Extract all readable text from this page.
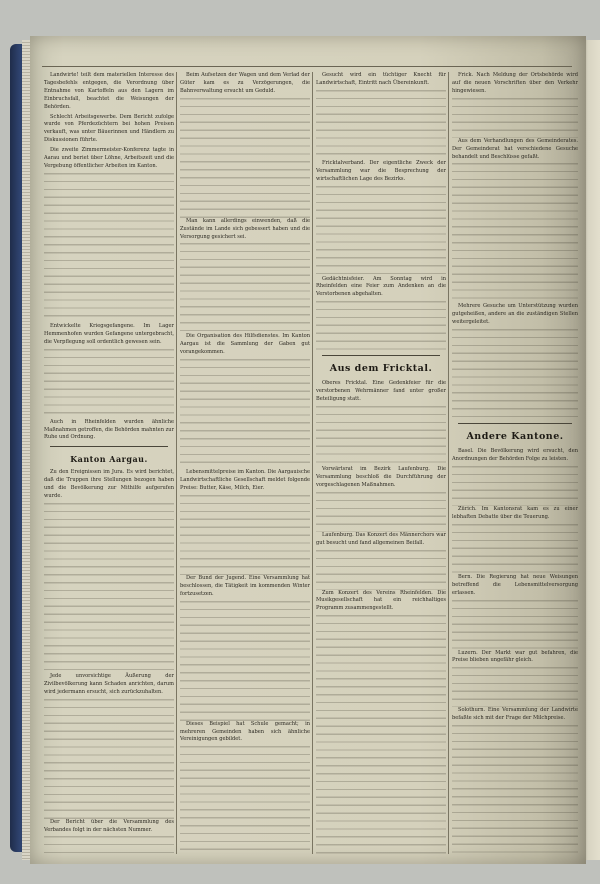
Landwirte! teilt dem materiellen Interesse des Tagesbefehls entgegen, die Verordnung über Entnahme von Kartoffeln aus den Lagern im Einbruchsfall, beachtet die Weisungen der Behörden.

Schlecht Arbeitsgewerbe. Dem Bericht zufolge wurde von Pferdezüchtern bei hohen Preisen verkauft, was unter Bäuerinnen und Händlern zu Diskussionen führte.

Die zweite Zimmermeister-Konferenz tagte in Aarau und beriet über Löhne, Arbeitszeit und die Vergebung öffentlicher Arbeiten im Kanton.

Entwickelte Kriegsgefangene. Im Lager Hemmenhofen wurden Gefangene untergebracht, die Verpflegung soll ordentlich gewesen sein.

Auch in Rheinfelden wurden ähnliche Maßnahmen getroffen, die Behörden mahnten zur Ruhe und Ordnung.

Kanton Aargau.

Zu den Ereignissen im Jura. Es wird berichtet, daß die Truppen ihre Stellungen bezogen haben und die Bevölkerung zur Mithilfe aufgerufen wurde.

Jede unvorsichtige Äußerung der Zivilbevölkerung kann Schaden anrichten, darum wird jedermann ersucht, sich zurückzuhalten.

Der Bericht über die Versammlung des Verbandes folgt in der nächsten Nummer.

Beim Aufsetzen der Wagen und dem Verlad der Güter kam es zu Verzögerungen, die Bahnverwaltung ersucht um Geduld.

Man kann allerdings einwenden, daß die Zustände im Lande sich gebessert haben und die Versorgung gesichert sei.

Die Organisation des Hilfsdienstes. Im Kanton Aargau ist die Sammlung der Gaben gut vorangekommen.

Lebensmittelpreise im Kanton. Die Aargauische Landwirtschaftliche Gesellschaft meldet folgende Preise: Butter, Käse, Milch, Eier.

Der Bund der Jugend. Eine Versammlung hat beschlossen, die Tätigkeit im kommenden Winter fortzusetzen.

Dieses Beispiel hat Schule gemacht; in mehreren Gemeinden haben sich ähnliche Vereinigungen gebildet.

Gesucht wird ein tüchtiger Knecht für Landwirtschaft, Eintritt nach Übereinkunft.

Fricktalverband. Der eigentliche Zweck der Versammlung war die Besprechung der wirtschaftlichen Lage des Bezirks.

Gedächtnisfeier. Am Sonntag wird in Rheinfelden eine Feier zum Andenken an die Verstorbenen abgehalten.

Aus dem Fricktal.

Oberes Fricktal. Eine Gedenkfeier für die verstorbenen Wehrmänner fand unter großer Beteiligung statt.

Vorwärtsrat im Bezirk Laufenburg. Die Versammlung beschloß die Durchführung der vorgeschlagenen Maßnahmen.

Laufenburg. Das Konzert des Männerchors war gut besucht und fand allgemeinen Beifall.

Zum Konzert des Vereins Rheinfelden. Die Musikgesellschaft hat ein reichhaltiges Programm zusammengestellt.

Frick. Nach Meldung der Ortsbehörde wird auf die neuen Vorschriften über den Verkehr hingewiesen.

Aus dem Verhandlungen des Gemeinderates. Der Gemeinderat hat verschiedene Gesuche behandelt und Beschlüsse gefaßt.

Mehrere Gesuche um Unterstützung wurden gutgeheißen, andere an die zuständigen Stellen weitergeleitet.

Andere Kantone.

Basel. Die Bevölkerung wird ersucht, den Anordnungen der Behörden Folge zu leisten.

Zürich. Im Kantonsrat kam es zu einer lebhaften Debatte über die Teuerung.

Bern. Die Regierung hat neue Weisungen betreffend die Lebensmittelversorgung erlassen.

Luzern. Der Markt war gut befahren, die Preise blieben ungefähr gleich.

Solothurn. Eine Versammlung der Landwirte befaßte sich mit der Frage der Milchpreise.
